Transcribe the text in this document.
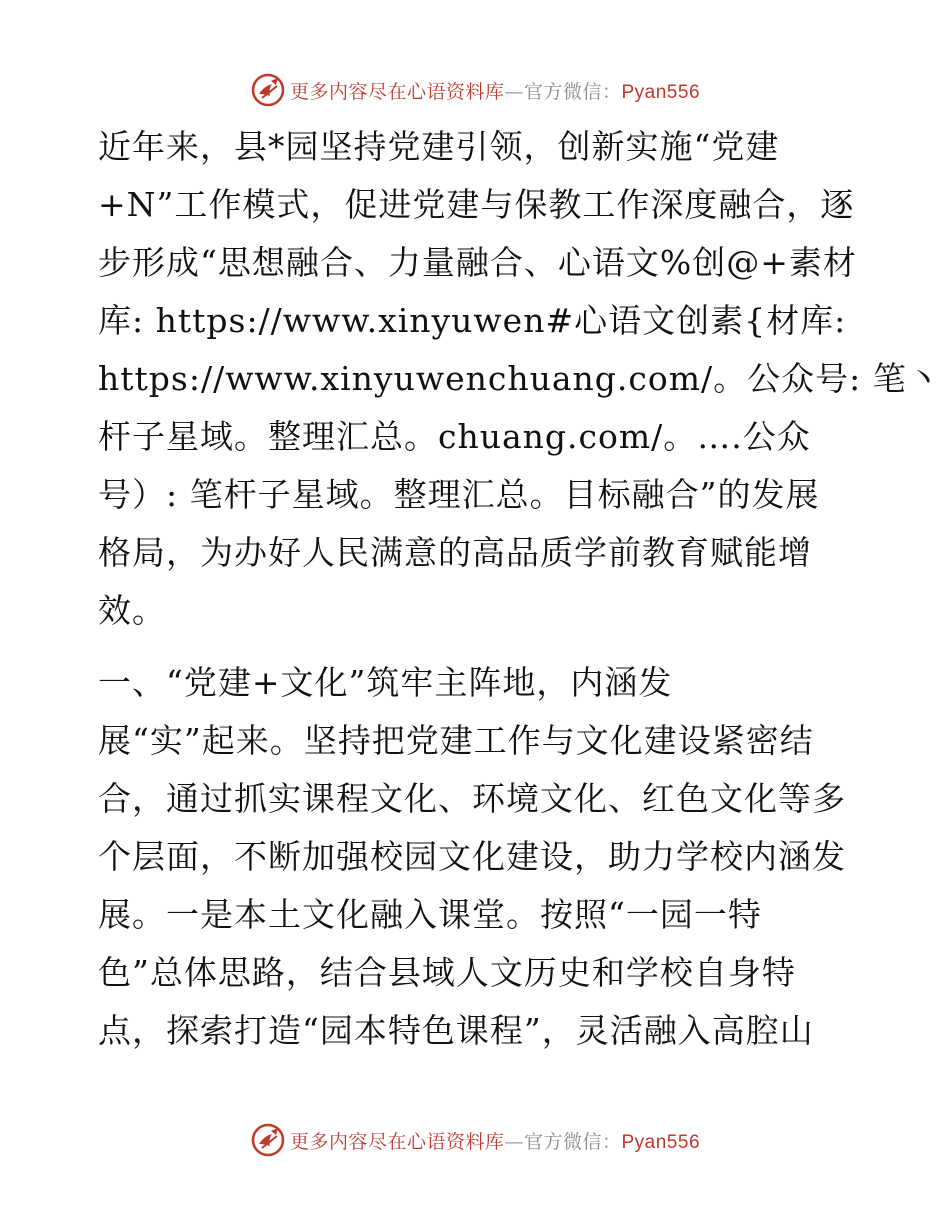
更多内容尽在心语资料库—官方微信：Pyan556
近年来，县*园坚持党建引领，创新实施“党建
+N”工作模式，促进党建与保教工作深度融合，逐
步形成“思想融合、力量融合、心语文%创@+素材
库: https://www.xinyuwen#心语文创素{材库:
https://www.xinyuwenchuang.com/。公众号: 笔丶
杆子星域。整理汇总。chuang.com/。….公众
号）: 笔杆子星域。整理汇总。目标融合”的发展
格局，为办好人民满意的高品质学前教育赋能增
效。
一、“党建+文化”筑牢主阵地，内涵发
展“实”起来。坚持把党建工作与文化建设紧密结
合，通过抓实课程文化、环境文化、红色文化等多
个层面，不断加强校园文化建设，助力学校内涵发
展。一是本土文化融入课堂。按照“一园一特
色”总体思路，结合县域人文历史和学校自身特
点，探索打造“园本特色课程”，灵活融入高腔山
更多内容尽在心语资料库—官方微信：Pyan556
